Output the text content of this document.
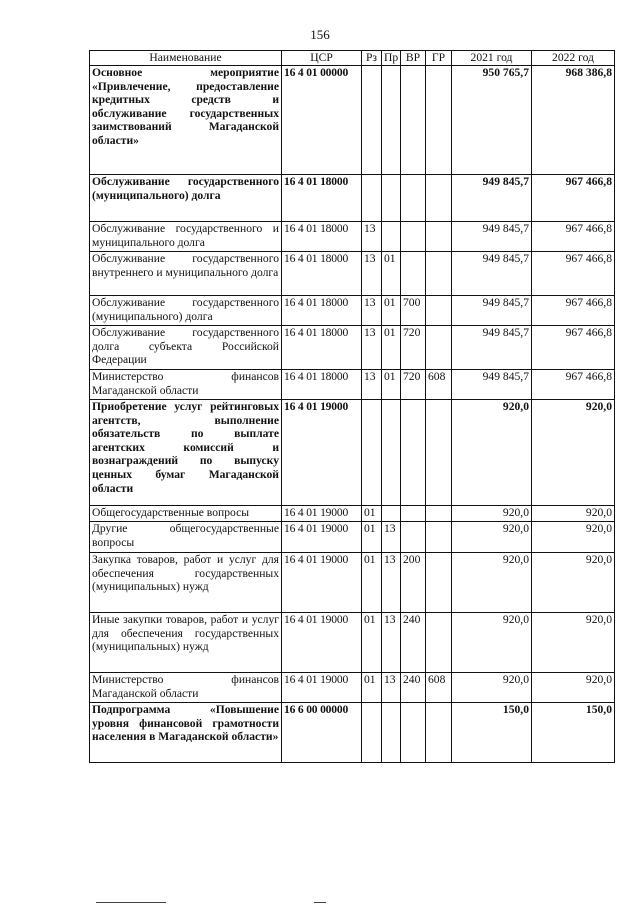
156
Наименование	ЦСР	Рз	Пр	ВР	ГР	2021 год	2022 год
Основное мероприятие «Привлечение, предоставление кредитных средств и обслуживание государственных заимствований Магаданской области»	16 4 01 00000					950 765,7	968 386,8
Обслуживание государственного (муниципального) долга	16 4 01 18000					949 845,7	967 466,8
Обслуживание государственного и муниципального долга	16 4 01 18000	13				949 845,7	967 466,8
Обслуживание государственного внутреннего и муниципального долга	16 4 01 18000	13	01			949 845,7	967 466,8
Обслуживание государственного (муниципального) долга	16 4 01 18000	13	01	700		949 845,7	967 466,8
Обслуживание государственного долга субъекта Российской Федерации	16 4 01 18000	13	01	720		949 845,7	967 466,8
Министерство финансов Магаданской области	16 4 01 18000	13	01	720	608	949 845,7	967 466,8
Приобретение услуг рейтинговых агентств, выполнение обязательств по выплате агентских комиссий и вознаграждений по выпуску ценных бумаг Магаданской области	16 4 01 19000					920,0	920,0
Общегосударственные вопросы	16 4 01 19000	01				920,0	920,0
Другие общегосударственные вопросы	16 4 01 19000	01	13			920,0	920,0
Закупка товаров, работ и услуг для обеспечения государственных (муниципальных) нужд	16 4 01 19000	01	13	200		920,0	920,0
Иные закупки товаров, работ и услуг для обеспечения государственных (муниципальных) нужд	16 4 01 19000	01	13	240		920,0	920,0
Министерство финансов Магаданской области	16 4 01 19000	01	13	240	608	920,0	920,0
Подпрограмма «Повышение уровня финансовой грамотности населения в Магаданской области»	16 6 00 00000					150,0	150,0
